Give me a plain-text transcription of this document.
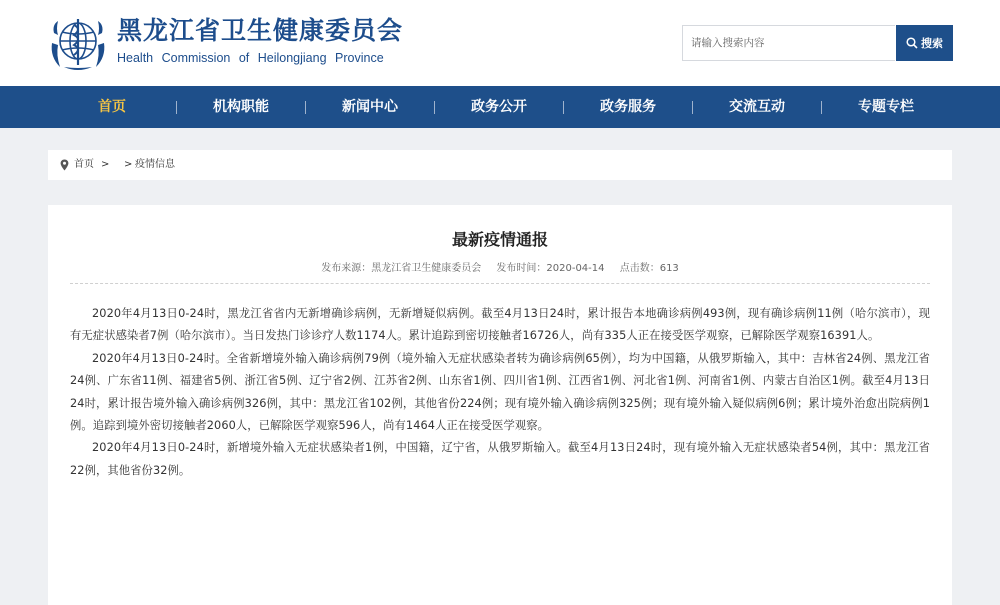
黑龙江省卫生健康委员会
Health Commission of Heilongjiang Province
请输入搜索内容
搜索
首页	机构职能	新闻中心	政务公开	政务服务	交流互动	专题专栏
首页 > > 疫情信息
最新疫情通报
发布来源：黑龙江省卫生健康委员会 发布时间：2020-04-14 点击数：613

2020年4月13日0-24时，黑龙江省省内无新增确诊病例，无新增疑似病例。截至4月13日24时，累计报告本地确诊病例493例，现有确诊病例11例（哈尔滨市），现有无症状感染者7例（哈尔滨市）。当日发热门诊诊疗人数1174人。累计追踪到密切接触者16726人，尚有335人正在接受医学观察，已解除医学观察16391人。

2020年4月13日0-24时。全省新增境外输入确诊病例79例（境外输入无症状感染者转为确诊病例65例），均为中国籍，从俄罗斯输入，其中：吉林省24例、黑龙江省24例、广东省11例、福建省5例、浙江省5例、辽宁省2例、江苏省2例、山东省1例、四川省1例、江西省1例、河北省1例、河南省1例、内蒙古自治区1例。截至4月13日24时，累计报告境外输入确诊病例326例，其中：黑龙江省102例，其他省份224例；现有境外输入确诊病例325例；现有境外输入疑似病例6例；累计境外治愈出院病例1例。追踪到境外密切接触者2060人，已解除医学观察596人，尚有1464人正在接受医学观察。

2020年4月13日0-24时，新增境外输入无症状感染者1例，中国籍，辽宁省，从俄罗斯输入。截至4月13日24时，现有境外输入无症状感染者54例，其中：黑龙江省22例，其他省份32例。
